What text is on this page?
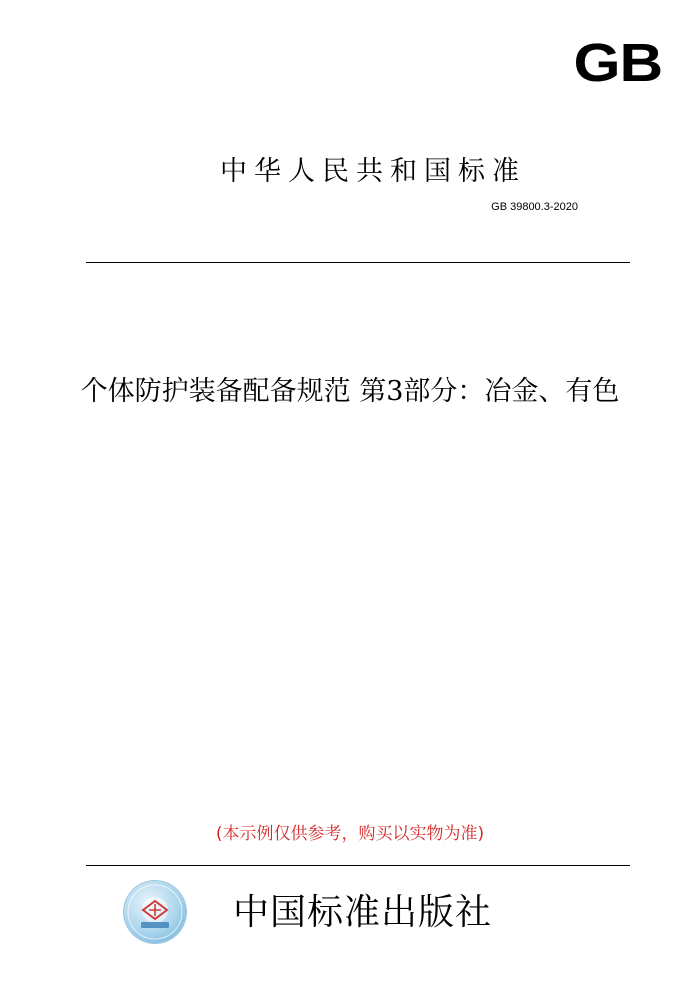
GB
中华人民共和国标准
GB 39800.3-2020
个体防护装备配备规范 第3部分：冶金、有色
(本示例仅供参考，购买以实物为准)
中国标准出版社
